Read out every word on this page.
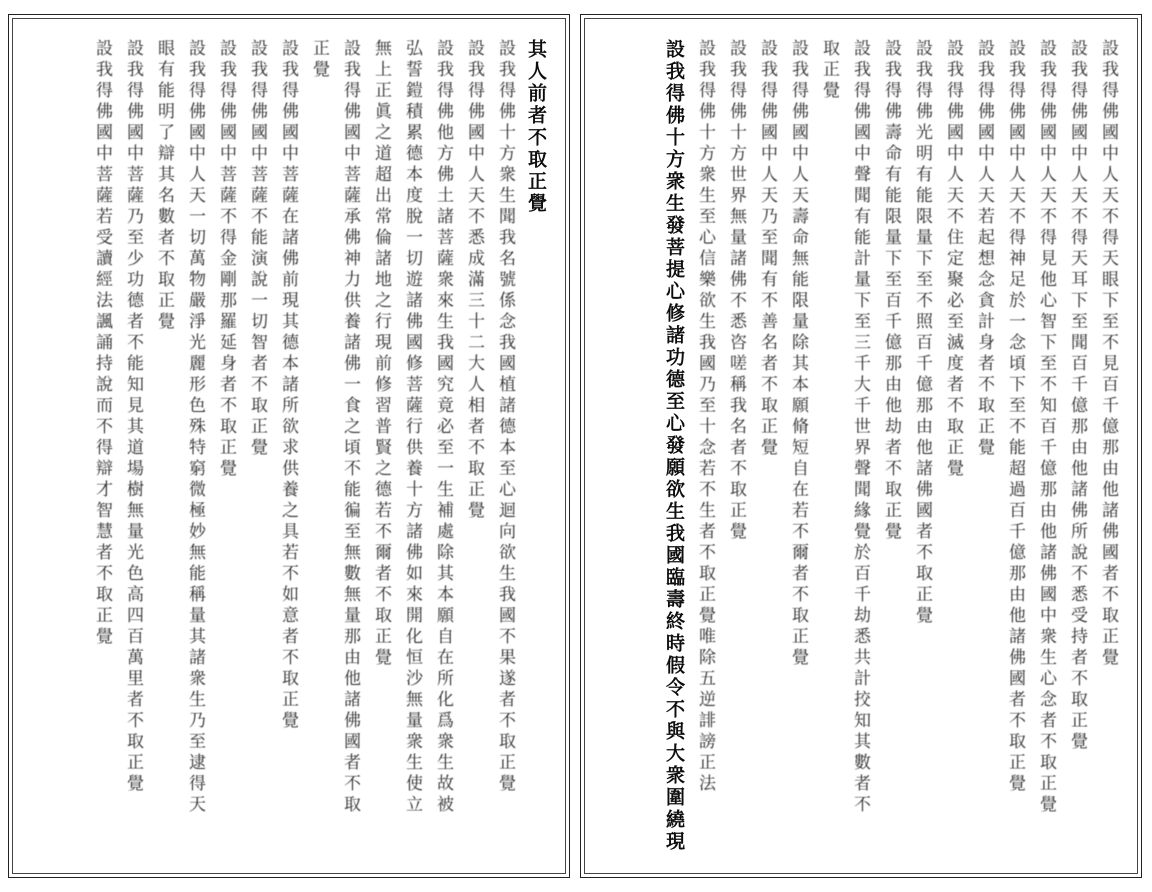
設我得佛國中人天不得天眼下至不見百千億那由他諸佛國者不取正覺
設我得佛國中人天不得天耳下至聞百千億那由他諸佛所說不悉受持者不取正覺
設我得佛國中人天不得見他心智下至不知百千億那由他諸佛國中衆生心念者不取正覺
設我得佛國中人天不得神足於一念頃下至不能超過百千億那由他諸佛國者不取正覺
設我得佛國中人天若起想念貪計身者不取正覺
設我得佛國中人天不住定聚必至滅度者不取正覺
設我得佛光明有能限量下至不照百千億那由他諸佛國者不取正覺
設我得佛壽命有能限量下至百千億那由他劫者不取正覺
設我得佛國中聲聞有能計量下至三千大千世界聲聞緣覺於百千劫悉共計挍知其數者不
取正覺
設我得佛國中人天壽命無能限量除其本願脩短自在若不爾者不取正覺
設我得佛國中人天乃至聞有不善名者不取正覺
設我得佛十方世界無量諸佛不悉咨嗟稱我名者不取正覺
設我得佛十方衆生至心信樂欲生我國乃至十念若不生者不取正覺唯除五逆誹謗正法
設我得佛十方衆生發菩提心修諸功德至心發願欲生我國臨壽終時假令不與大衆圍繞現
其人前者不取正覺
設我得佛十方衆生聞我名號係念我國植諸德本至心迴向欲生我國不果遂者不取正覺
設我得佛國中人天不悉成滿三十二大人相者不取正覺
設我得佛他方佛土諸菩薩衆來生我國究竟必至一生補處除其本願自在所化爲衆生故被
弘誓鎧積累德本度脫一切遊諸佛國修菩薩行供養十方諸佛如來開化恒沙無量衆生使立
無上正眞之道超出常倫諸地之行現前修習普賢之德若不爾者不取正覺
設我得佛國中菩薩承佛神力供養諸佛一食之頃不能徧至無數無量那由他諸佛國者不取
正覺
設我得佛國中菩薩在諸佛前現其德本諸所欲求供養之具若不如意者不取正覺
設我得佛國中菩薩不能演說一切智者不取正覺
設我得佛國中菩薩不得金剛那羅延身者不取正覺
設我得佛國中人天一切萬物嚴淨光麗形色殊特窮微極妙無能稱量其諸衆生乃至逮得天
眼有能明了辯其名數者不取正覺
設我得佛國中菩薩乃至少功德者不能知見其道場樹無量光色高四百萬里者不取正覺
設我得佛國中菩薩若受讀經法諷誦持說而不得辯才智慧者不取正覺
